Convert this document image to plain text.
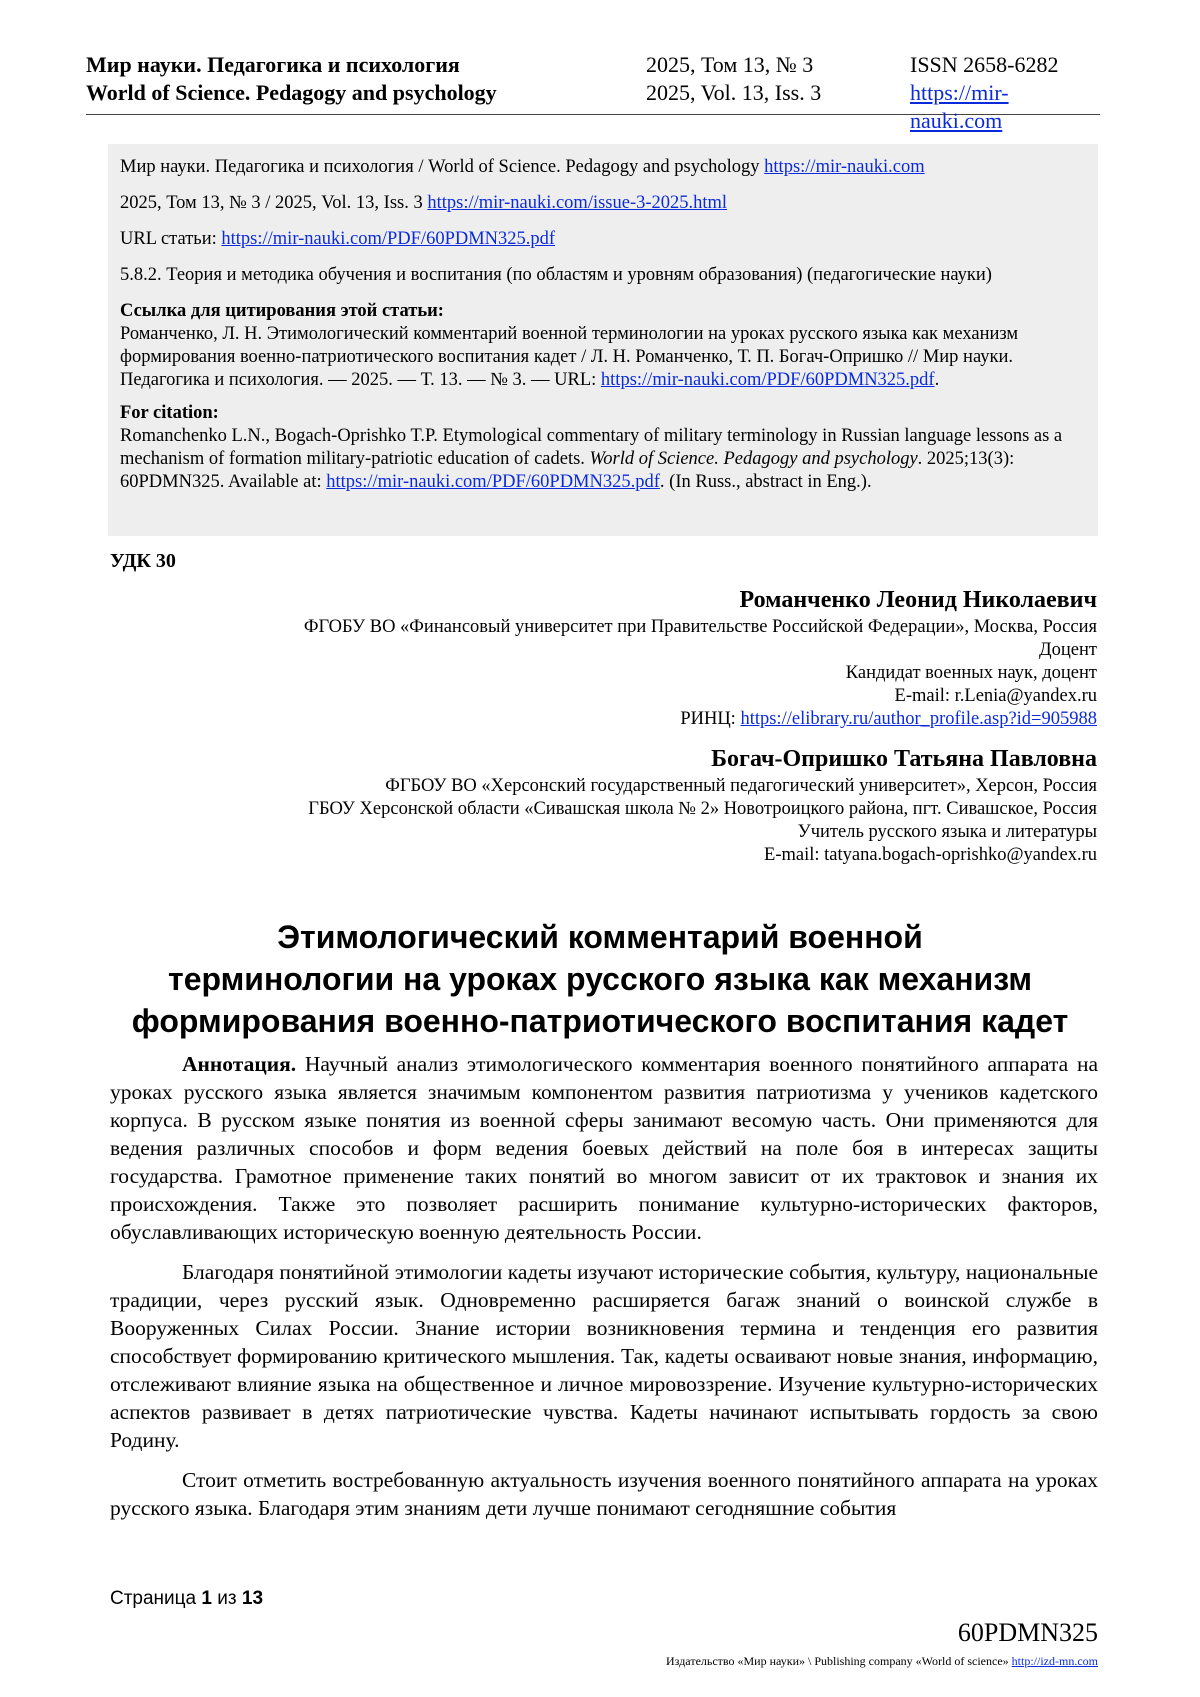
Мир науки. Педагогика и психология	2025, Том 13, № 3	ISSN 2658-6282
World of Science. Pedagogy and psychology	2025, Vol. 13, Iss. 3	https://mir-nauki.com

Мир науки. Педагогика и психология / World of Science. Pedagogy and psychology https://mir-nauki.com

2025, Том 13, № 3 / 2025, Vol. 13, Iss. 3 https://mir-nauki.com/issue-3-2025.html

URL статьи: https://mir-nauki.com/PDF/60PDMN325.pdf

5.8.2. Теория и методика обучения и воспитания (по областям и уровням образования) (педагогические науки)

Ссылка для цитирования этой статьи:

Романченко, Л. Н. Этимологический комментарий военной терминологии на уроках русского языка как механизм формирования военно-патриотического воспитания кадет / Л. Н. Романченко, Т. П. Богач-Опришко // Мир науки. Педагогика и психология. — 2025. — Т. 13. — № 3. — URL: https://mir-nauki.com/PDF/60PDMN325.pdf.

For citation:

Romanchenko L.N., Bogach-Oprishko T.P. Etymological commentary of military terminology in Russian language lessons as a mechanism of formation military-patriotic education of cadets. World of Science. Pedagogy and psychology. 2025;13(3): 60PDMN325. Available at: https://mir-nauki.com/PDF/60PDMN325.pdf. (In Russ., abstract in Eng.).

УДК 30
Романченко Леонид Николаевич
ФГОБУ ВО «Финансовый университет при Правительстве Российской Федерации», Москва, Россия
Доцент
Кандидат военных наук, доцент
E-mail: r.Lenia@yandex.ru
РИНЦ: https://elibrary.ru/author_profile.asp?id=905988
Богач-Опришко Татьяна Павловна
ФГБОУ ВО «Херсонский государственный педагогический университет», Херсон, Россия
ГБОУ Херсонской области «Сивашская школа № 2» Новотроицкого района, пгт. Сивашское, Россия
Учитель русского языка и литературы
E-mail: tatyana.bogach-oprishko@yandex.ru
Этимологический комментарий военной
терминологии на уроках русского языка как механизм
формирования военно-патриотического воспитания кадет

Аннотация. Научный анализ этимологического комментария военного понятийного аппарата на уроках русского языка является значимым компонентом развития патриотизма у учеников кадетского корпуса. В русском языке понятия из военной сферы занимают весомую часть. Они применяются для ведения различных способов и форм ведения боевых действий на поле боя в интересах защиты государства. Грамотное применение таких понятий во многом зависит от их трактовок и знания их происхождения. Также это позволяет расширить понимание культурно-исторических факторов, обуславливающих историческую военную деятельность России.

Благодаря понятийной этимологии кадеты изучают исторические события, культуру, национальные традиции, через русский язык. Одновременно расширяется багаж знаний о воинской службе в Вооруженных Силах России. Знание истории возникновения термина и тенденция его развития способствует формированию критического мышления. Так, кадеты осваивают новые знания, информацию, отслеживают влияние языка на общественное и личное мировоззрение. Изучение культурно-исторических аспектов развивает в детях патриотические чувства. Кадеты начинают испытывать гордость за свою Родину.

Стоит отметить востребованную актуальность изучения военного понятийного аппарата на уроках русского языка. Благодаря этим знаниям дети лучше понимают сегодняшние события

Страница 1 из 13
60PDMN325
Издательство «Мир науки» \ Publishing company «World of science» http://izd-mn.com
